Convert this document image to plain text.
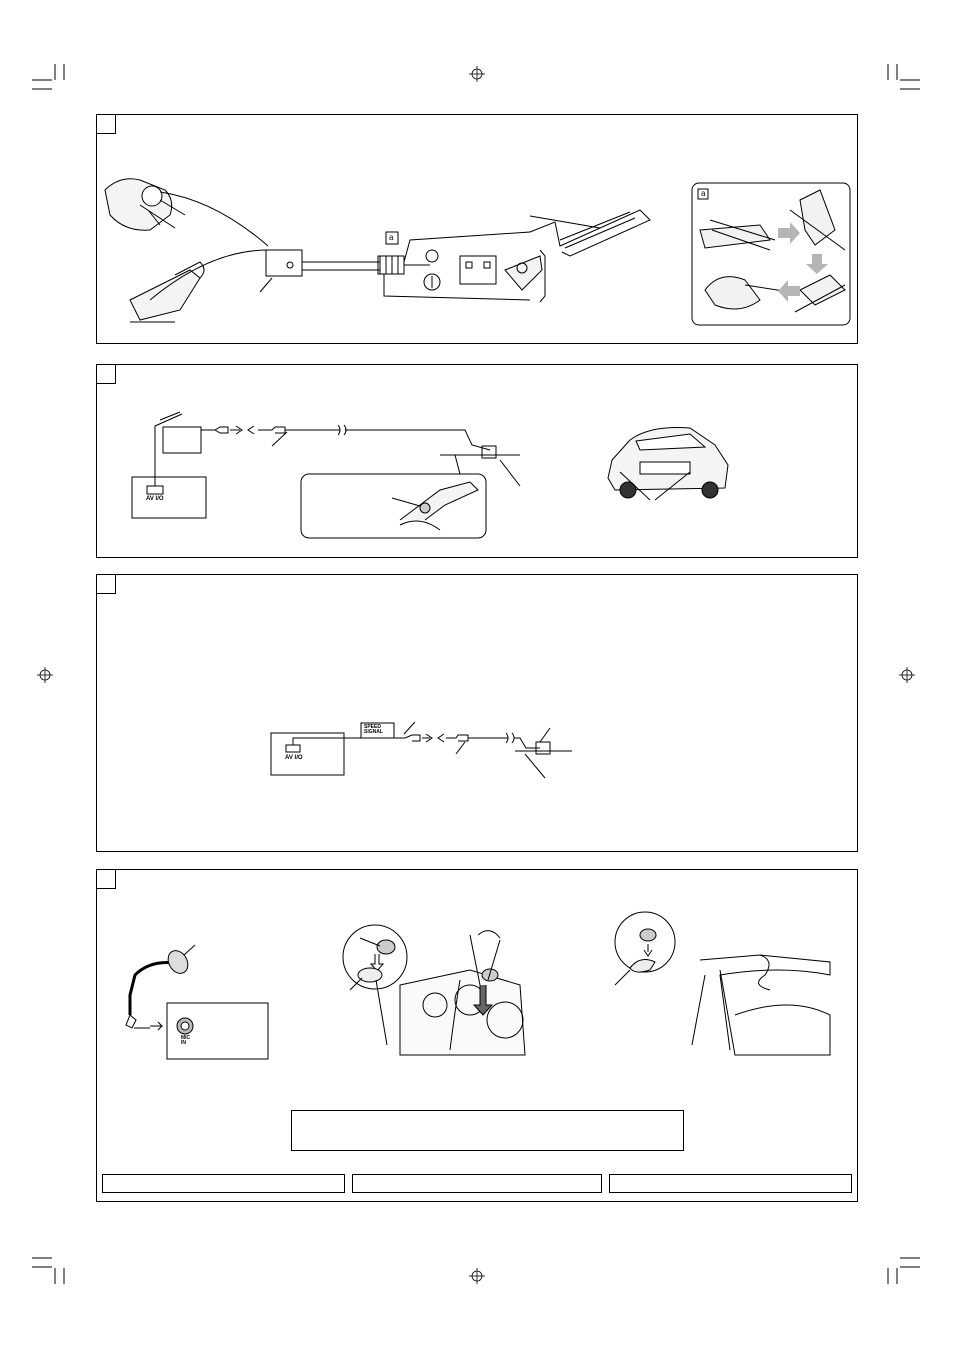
a
a
AV I/O
SPEED
SIGNAL
AV I/O
MIC
IN
